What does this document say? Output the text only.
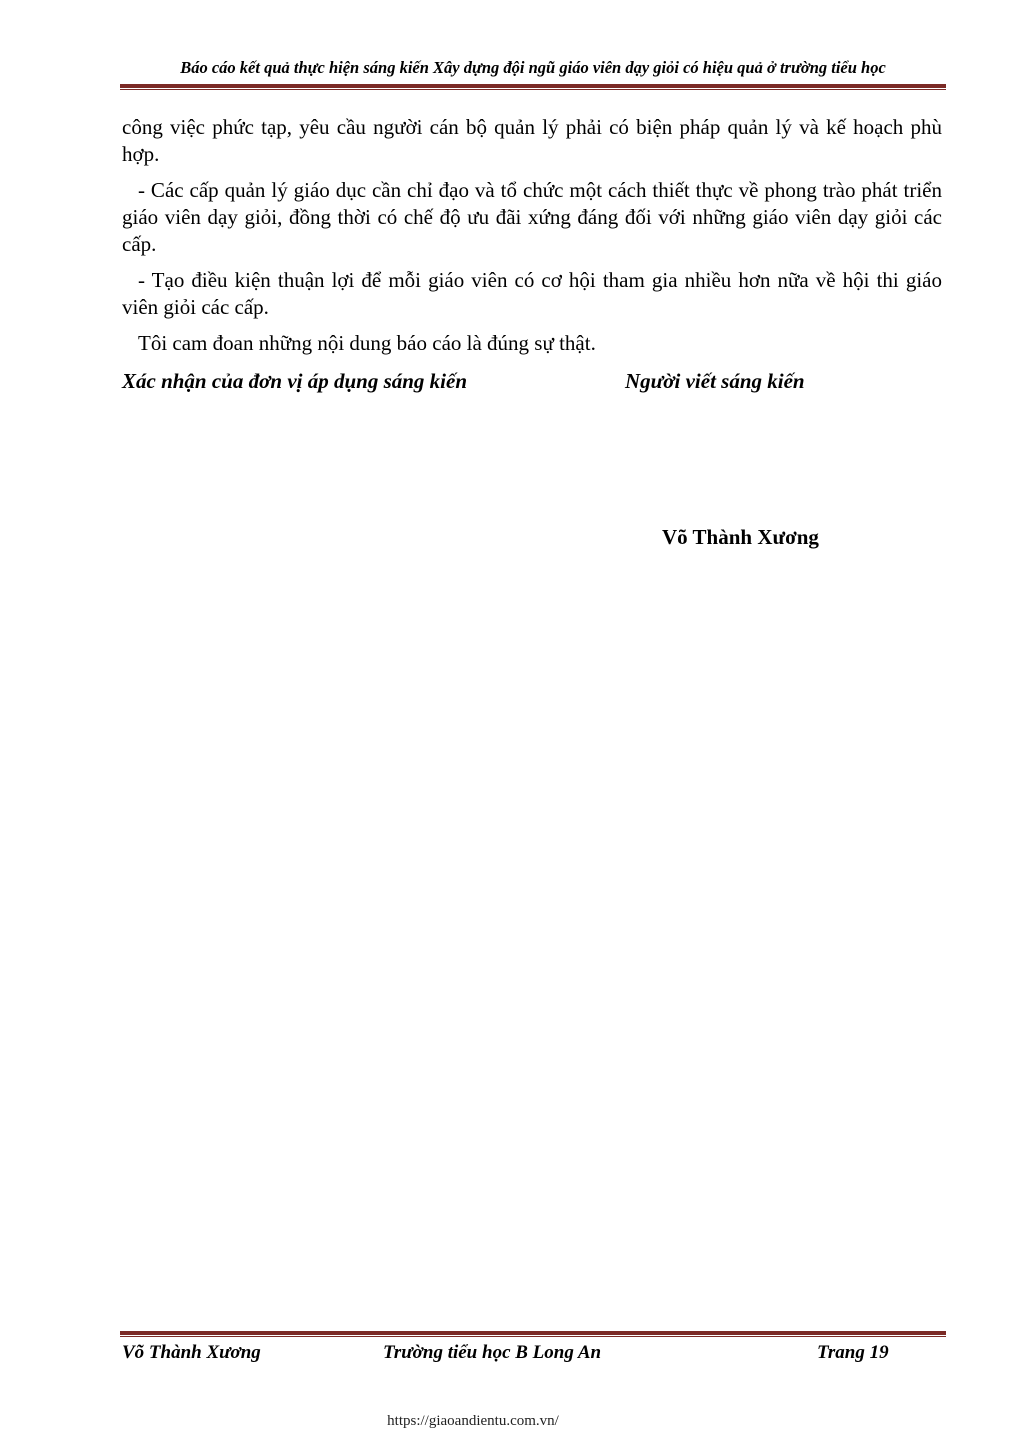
Báo cáo kết quả thực hiện sáng kiến Xây dựng đội ngũ giáo viên dạy giỏi có hiệu quả ở trường tiểu học

công việc phức tạp, yêu cầu người cán bộ quản lý phải có biện pháp quản lý và kế hoạch phù hợp.

- Các cấp quản lý giáo dục cần chỉ đạo và tổ chức một cách thiết thực về phong trào phát triển giáo viên dạy giỏi, đồng thời có chế độ ưu đãi xứng đáng đối với những giáo viên dạy giỏi các cấp.

- Tạo điều kiện thuận lợi để mỗi giáo viên có cơ hội tham gia nhiều hơn nữa về hội thi giáo viên giỏi các cấp.

Tôi cam đoan những nội dung báo cáo là đúng sự thật.

Xác nhận của đơn vị áp dụng sáng kiến	Người viết sáng kiến
Võ Thành Xương
Võ Thành Xương	Trường tiểu học B Long An	Trang 19
https://giaoandientu.com.vn/
